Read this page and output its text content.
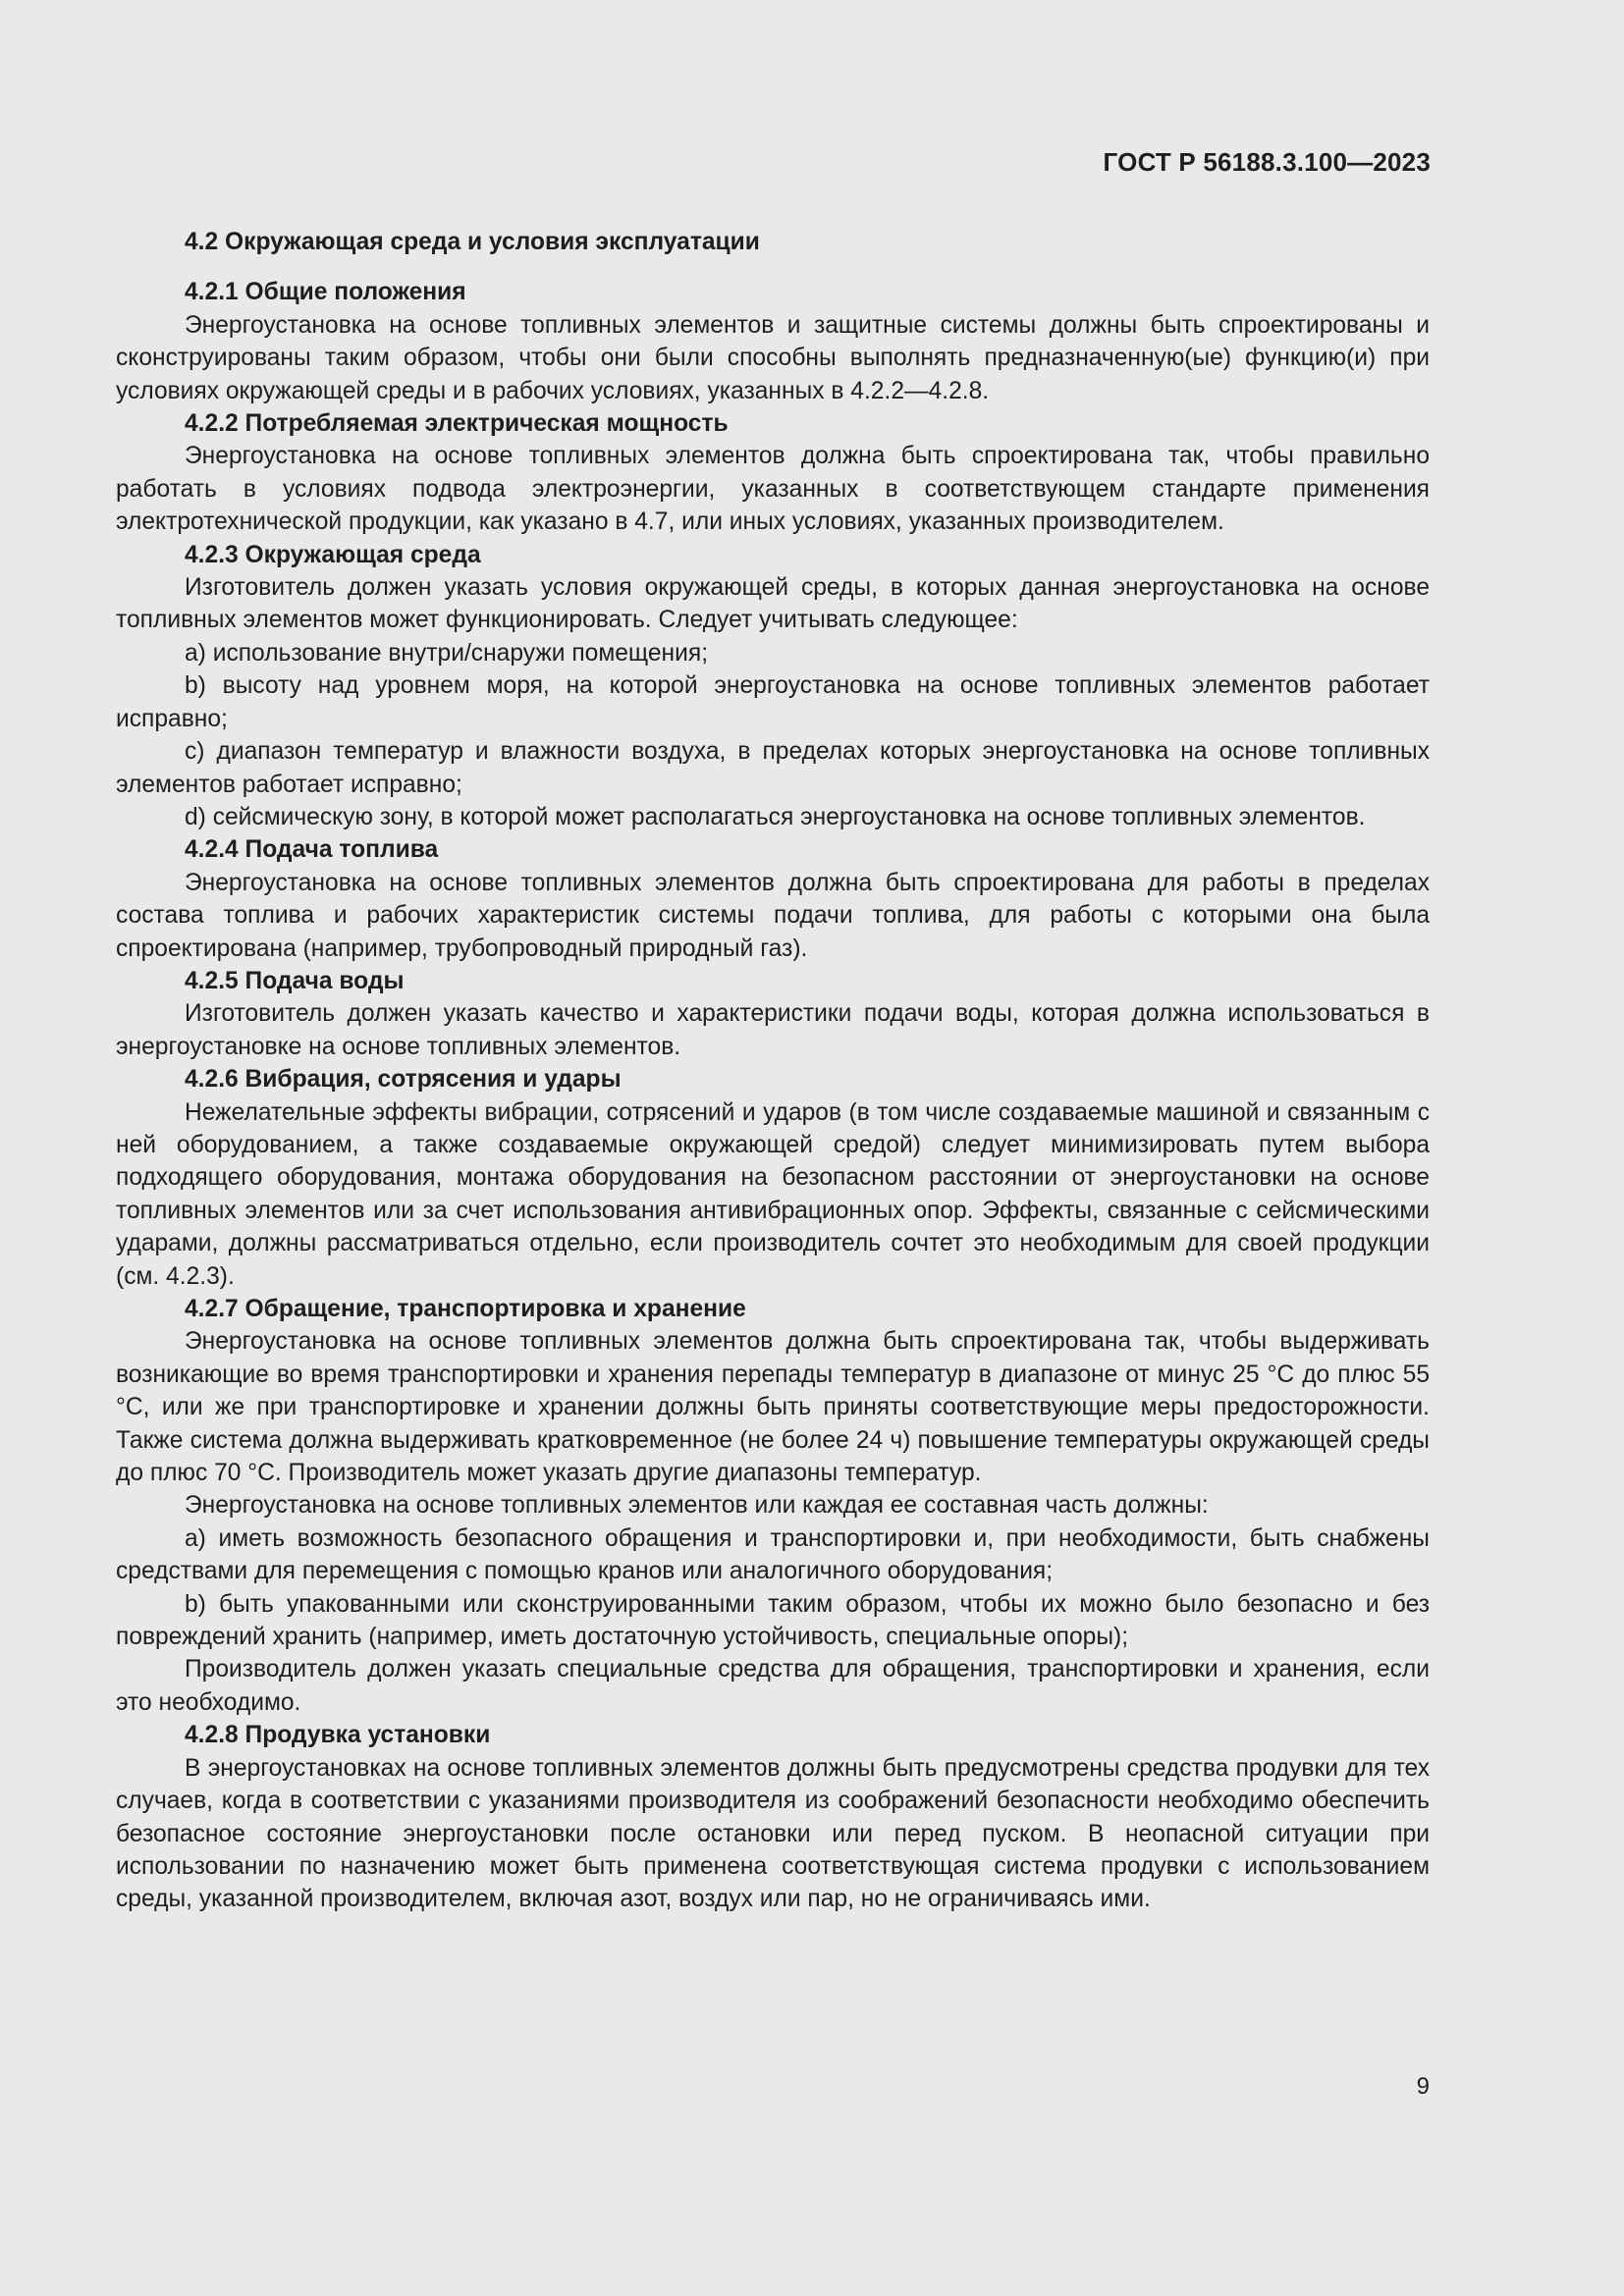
ГОСТ Р 56188.3.100—2023
4.2 Окружающая среда и условия эксплуатации
4.2.1 Общие положения

Энергоустановка на основе топливных элементов и защитные системы должны быть спроектированы и сконструированы таким образом, чтобы они были способны выполнять предназначенную(ые) функцию(и) при условиях окружающей среды и в рабочих условиях, указанных в 4.2.2—4.2.8.

4.2.2 Потребляемая электрическая мощность

Энергоустановка на основе топливных элементов должна быть спроектирована так, чтобы правильно работать в условиях подвода электроэнергии, указанных в соответствующем стандарте применения электротехнической продукции, как указано в 4.7, или иных условиях, указанных производителем.

4.2.3 Окружающая среда

Изготовитель должен указать условия окружающей среды, в которых данная энергоустановка на основе топливных элементов может функционировать. Следует учитывать следующее:

a) использование внутри/снаружи помещения;

b) высоту над уровнем моря, на которой энергоустановка на основе топливных элементов работает исправно;

c) диапазон температур и влажности воздуха, в пределах которых энергоустановка на основе топливных элементов работает исправно;

d) сейсмическую зону, в которой может располагаться энергоустановка на основе топливных элементов.

4.2.4 Подача топлива

Энергоустановка на основе топливных элементов должна быть спроектирована для работы в пределах состава топлива и рабочих характеристик системы подачи топлива, для работы с которыми она была спроектирована (например, трубопроводный природный газ).

4.2.5 Подача воды

Изготовитель должен указать качество и характеристики подачи воды, которая должна использоваться в энергоустановке на основе топливных элементов.

4.2.6 Вибрация, сотрясения и удары

Нежелательные эффекты вибрации, сотрясений и ударов (в том числе создаваемые машиной и связанным с ней оборудованием, а также создаваемые окружающей средой) следует минимизировать путем выбора подходящего оборудования, монтажа оборудования на безопасном расстоянии от энергоустановки на основе топливных элементов или за счет использования антивибрационных опор. Эффекты, связанные с сейсмическими ударами, должны рассматриваться отдельно, если производитель сочтет это необходимым для своей продукции (см. 4.2.3).

4.2.7 Обращение, транспортировка и хранение

Энергоустановка на основе топливных элементов должна быть спроектирована так, чтобы выдерживать возникающие во время транспортировки и хранения перепады температур в диапазоне от минус 25 °С до плюс 55 °С, или же при транспортировке и хранении должны быть приняты соответствующие меры предосторожности. Также система должна выдерживать кратковременное (не более 24 ч) повышение температуры окружающей среды до плюс 70 °С. Производитель может указать другие диапазоны температур.

Энергоустановка на основе топливных элементов или каждая ее составная часть должны:

a) иметь возможность безопасного обращения и транспортировки и, при необходимости, быть снабжены средствами для перемещения с помощью кранов или аналогичного оборудования;

b) быть упакованными или сконструированными таким образом, чтобы их можно было безопасно и без повреждений хранить (например, иметь достаточную устойчивость, специальные опоры);

Производитель должен указать специальные средства для обращения, транспортировки и хранения, если это необходимо.

4.2.8 Продувка установки

В энергоустановках на основе топливных элементов должны быть предусмотрены средства продувки для тех случаев, когда в соответствии с указаниями производителя из соображений безопасности необходимо обеспечить безопасное состояние энергоустановки после остановки или перед пуском. В неопасной ситуации при использовании по назначению может быть применена соответствующая система продувки с использованием среды, указанной производителем, включая азот, воздух или пар, но не ограничиваясь ими.

9
